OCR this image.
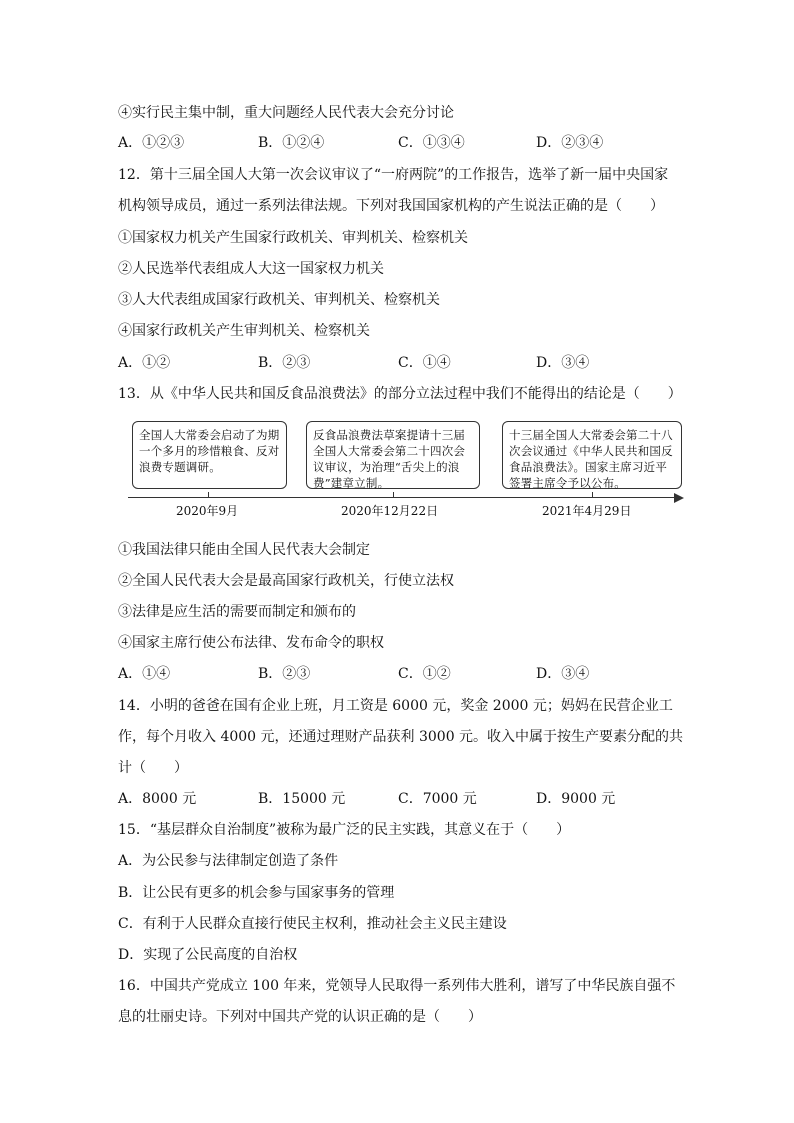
④实行民主集中制，重大问题经人民代表大会充分讨论
A．①②③	B．①②④	C．①③④	D．②③④
12．第十三届全国人大第一次会议审议了“一府两院”的工作报告，选举了新一届中央国家
机构领导成员，通过一系列法律法规。下列对我国国家机构的产生说法正确的是（　　）
①国家权力机关产生国家行政机关、审判机关、检察机关
②人民选举代表组成人大这一国家权力机关
③人大代表组成国家行政机关、审判机关、检察机关
④国家行政机关产生审判机关、检察机关
A．①②	B．②③	C．①④	D．③④
13．从《中华人民共和国反食品浪费法》的部分立法过程中我们不能得出的结论是（　　）
全国人大常委会启动了为期一个多月的珍惜粮食、反对浪费专题调研。
反食品浪费法草案提请十三届全国人大常委会第二十四次会议审议，为治理“舌尖上的浪费”建章立制。
十三届全国人大常委会第二十八次会议通过《中华人民共和国反食品浪费法》。国家主席习近平签署主席令予以公布。
2020年9月	2020年12月22日	2021年4月29日
①我国法律只能由全国人民代表大会制定
②全国人民代表大会是最高国家行政机关，行使立法权
③法律是应生活的需要而制定和颁布的
④国家主席行使公布法律、发布命令的职权
A．①④	B．②③	C．①②	D．③④
14．小明的爸爸在国有企业上班，月工资是 6000 元，奖金 2000 元；妈妈在民营企业工
作，每个月收入 4000 元，还通过理财产品获利 3000 元。收入中属于按生产要素分配的共
计（　　）
A．8000 元	B．15000 元	C．7000 元	D．9000 元
15．“基层群众自治制度”被称为最广泛的民主实践，其意义在于（　　）
A．为公民参与法律制定创造了条件
B．让公民有更多的机会参与国家事务的管理
C．有利于人民群众直接行使民主权利，推动社会主义民主建设
D．实现了公民高度的自治权
16．中国共产党成立 100 年来，党领导人民取得一系列伟大胜利，谱写了中华民族自强不
息的壮丽史诗。下列对中国共产党的认识正确的是（　　）
